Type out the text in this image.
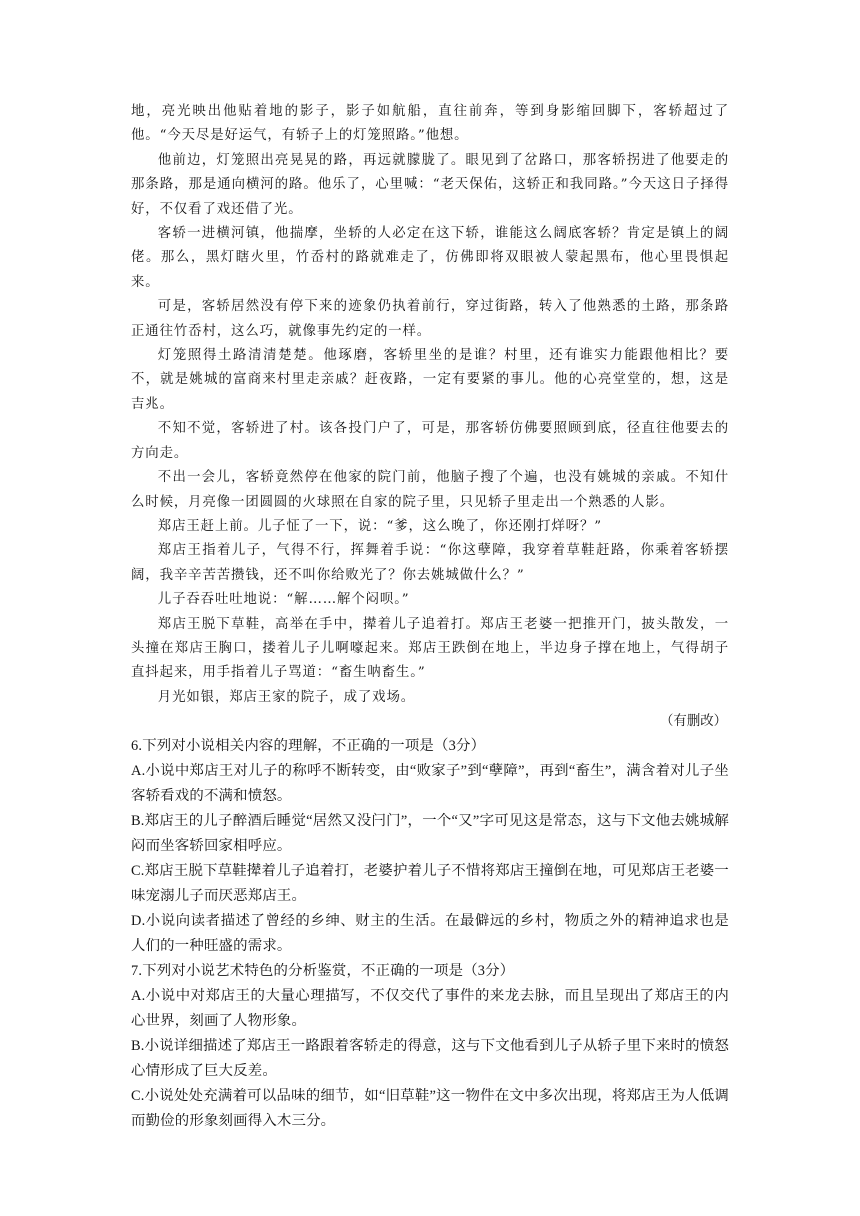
地，亮光映出他贴着地的影子，影子如航船，直往前奔，等到身影缩回脚下，客轿超过了他。“今天尽是好运气，有轿子上的灯笼照路。”他想。

他前边，灯笼照出亮晃晃的路，再远就朦胧了。眼见到了岔路口，那客轿拐进了他要走的那条路，那是通向横河的路。他乐了，心里喊：“老天保佑，这轿正和我同路。”今天这日子择得好，不仅看了戏还借了光。

客轿一进横河镇，他揣摩，坐轿的人必定在这下轿，谁能这么阔底客轿？肯定是镇上的阔佬。那么，黑灯瞎火里，竹岙村的路就难走了，仿佛即将双眼被人蒙起黑布，他心里畏惧起来。

可是，客轿居然没有停下来的迹象仍执着前行，穿过街路，转入了他熟悉的土路，那条路正通往竹岙村，这么巧，就像事先约定的一样。

灯笼照得土路清清楚楚。他琢磨，客轿里坐的是谁？村里，还有谁实力能跟他相比？要不，就是姚城的富商来村里走亲戚？赶夜路，一定有要紧的事儿。他的心亮堂堂的，想，这是吉兆。

不知不觉，客轿进了村。该各投门户了，可是，那客轿仿佛要照顾到底，径直往他要去的方向走。

不出一会儿，客轿竟然停在他家的院门前，他脑子搜了个遍，也没有姚城的亲戚。不知什么时候，月亮像一团圆圆的火球照在自家的院子里，只见轿子里走出一个熟悉的人影。

郑店王赶上前。儿子怔了一下，说：“爹，这么晚了，你还刚打烊呀？”

郑店王指着儿子，气得不行，挥舞着手说：“你这孽障，我穿着草鞋赶路，你乘着客轿摆阔，我辛辛苦苦攒钱，还不叫你给败光了？你去姚城做什么？”

儿子吞吞吐吐地说：“解……解个闷呗。”

郑店王脱下草鞋，高举在手中，撵着儿子追着打。郑店王老婆一把推开门，披头散发，一头撞在郑店王胸口，搂着儿子儿啊嚎起来。郑店王跌倒在地上，半边身子撑在地上，气得胡子直抖起来，用手指着儿子骂道：“畜生呐畜生。”

月光如银，郑店王家的院子，成了戏场。

（有删改）

6.下列对小说相关内容的理解，不正确的一项是（3分）

A.小说中郑店王对儿子的称呼不断转变，由“败家子”到“孽障”，再到“畜生”，满含着对儿子坐客轿看戏的不满和愤怒。

B.郑店王的儿子醉酒后睡觉“居然又没闩门”，一个“又”字可见这是常态，这与下文他去姚城解闷而坐客轿回家相呼应。

C.郑店王脱下草鞋撵着儿子追着打，老婆护着儿子不惜将郑店王撞倒在地，可见郑店王老婆一味宠溺儿子而厌恶郑店王。

D.小说向读者描述了曾经的乡绅、财主的生活。在最僻远的乡村，物质之外的精神追求也是人们的一种旺盛的需求。

7.下列对小说艺术特色的分析鉴赏，不正确的一项是（3分）

A.小说中对郑店王的大量心理描写，不仅交代了事件的来龙去脉，而且呈现出了郑店王的内心世界，刻画了人物形象。

B.小说详细描述了郑店王一路跟着客轿走的得意，这与下文他看到儿子从轿子里下来时的愤怒心情形成了巨大反差。

C.小说处处充满着可以品味的细节，如“旧草鞋”这一物件在文中多次出现，将郑店王为人低调而勤俭的形象刻画得入木三分。
